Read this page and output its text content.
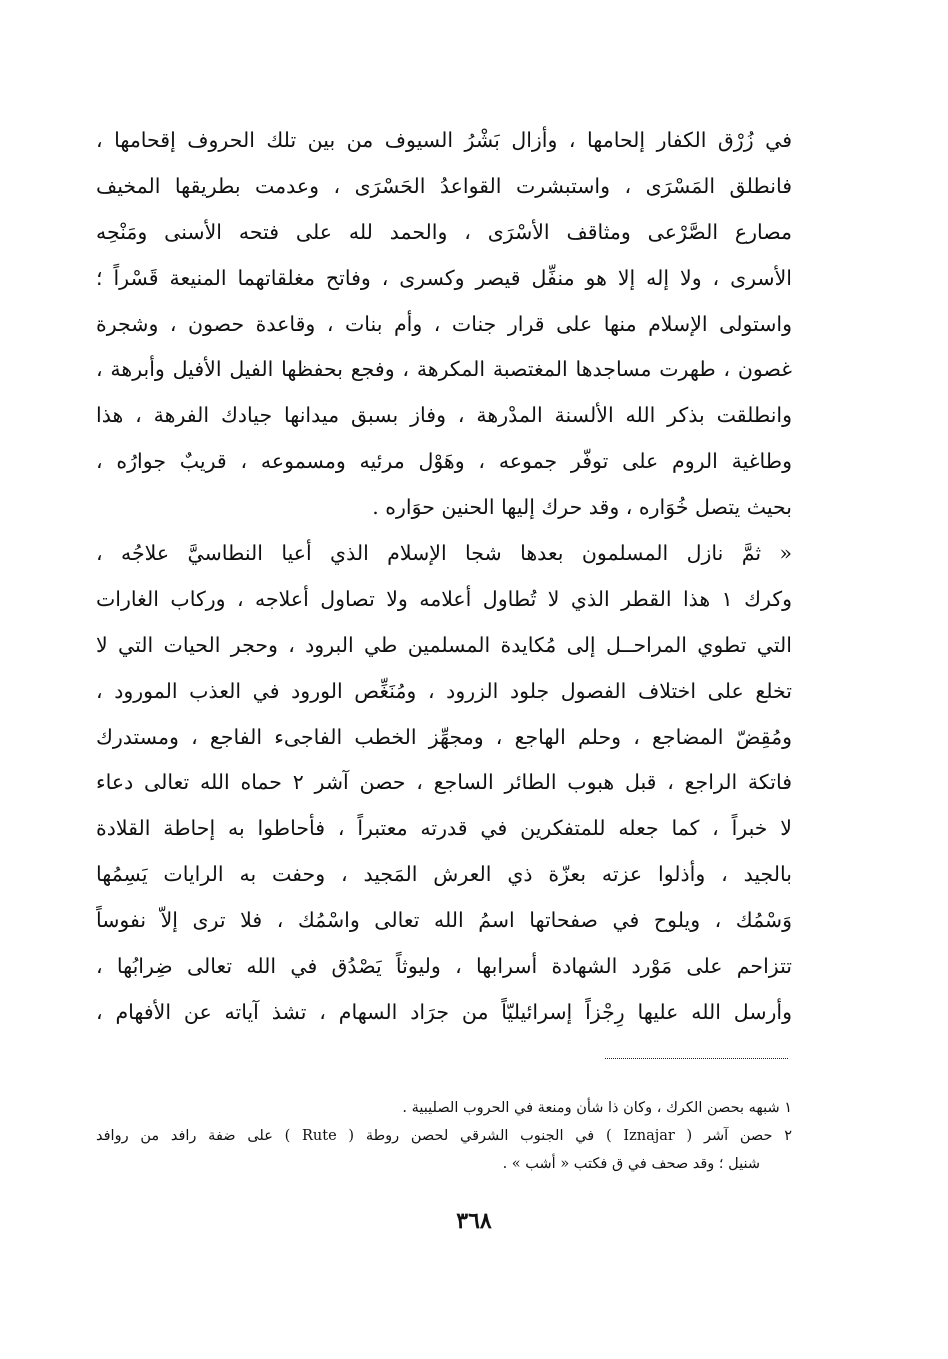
في زُرْق الكفار إلحامها ، وأزال بَشْرُ السيوف من بين تلك الحروف إقحامها ،
فانطلق المَسْرَى ، واستبشرت القواعدُ الحَسْرَى ، وعدمت بطريقها المخيف
مصارع الصَّرْعى ومثاقف الأسْرَى ، والحمد لله على فتحه الأسنى ومَنْحِه
الأسرى ، ولا إله إلا هو منفِّل قيصر وكسرى ، وفاتح مغلقاتهما المنيعة قَسْراً ؛
واستولى الإسلام منها على قرار جنات ، وأم بنات ، وقاعدة حصون ، وشجرة
غصون ، طهرت مساجدها المغتصبة المكرهة ، وفجع بحفظها الفيل الأفيل وأبرهة ،
وانطلقت بذكر الله الألسنة المدْرهة ، وفاز بسبق ميدانها جيادك الفرهة ، هذا
وطاغية الروم على توفّر جموعه ، وهَوْل مرئيه ومسموعه ، قريبٌ جوارُه ،
بحيث يتصل خُوَاره ، وقد حرك إليها الحنين حوَاره .
« ثمَّ نازل المسلمون بعدها شجا الإسلام الذي أعيا النطاسيَّ علاجُه ،
وكرك ١ هذا القطر الذي لا تُطاول أعلامه ولا تصاول أعلاجه ، وركاب الغارات
التي تطوي المراحــل إلى مُكايدة المسلمين طي البرود ، وحجر الحيات التي لا
تخلع على اختلاف الفصول جلود الزرود ، ومُنَغِّص الورود في العذب المورود ،
ومُقِضّ المضاجع ، وحلم الهاجع ، ومجهِّز الخطب الفاجىء الفاجع ، ومستدرك
فاتكة الراجع ، قبل هبوب الطائر الساجع ، حصن آشر ٢ حماه الله تعالى دعاء
لا خبراً ، كما جعله للمتفكرين في قدرته معتبراً ، فأحاطوا به إحاطة القلادة
بالجيد ، وأذلوا عزته بعزّة ذي العرش المَجيد ، وحفت به الرايات يَسِمُها
وَسْمُك ، ويلوح في صفحاتها اسمُ الله تعالى واسْمُك ، فلا ترى إلاّ نفوساً
تتزاحم على مَوْرد الشهادة أسرابها ، وليوثاً يَصْدُق في الله تعالى ضِرابُها ،
وأرسل الله عليها رِجْزاً إسرائيليّاً من جرَاد السهام ، تشذ آياته عن الأفهام ،
١ شبهه بحصن الكرك ، وكان ذا شأن ومنعة في الحروب الصليبية .
٢ حصن آشر ( Iznajar ) في الجنوب الشرقي لحصن روطة ( Rute ) على ضفة رافد من روافد
شنيل ؛ وقد صحف في ق فكتب « أشب » .
٣٦٨
